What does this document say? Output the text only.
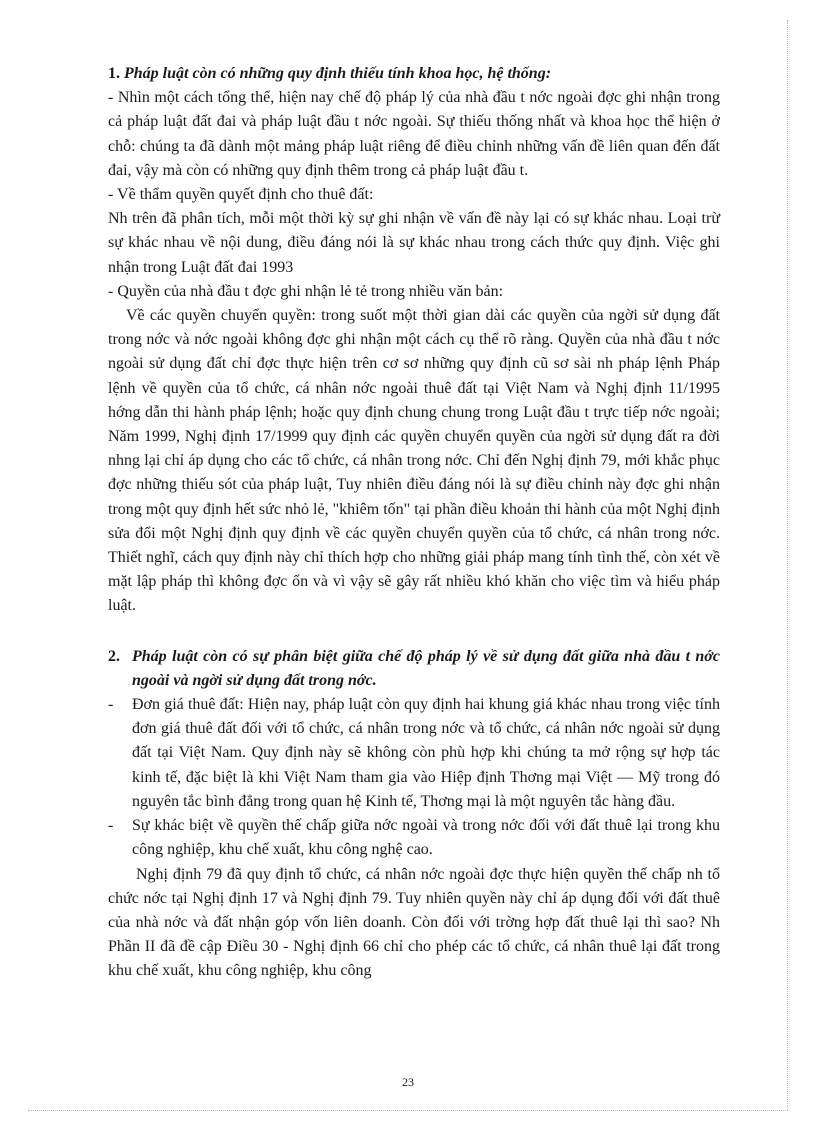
1. Pháp luật còn có những quy định thiếu tính khoa học, hệ thống:

- Nhìn một cách tổng thể, hiện nay chế độ pháp lý của nhà đầu t nớc ngoài đợc ghi nhận trong cả pháp luật đất đai và pháp luật đầu t nớc ngoài. Sự thiếu thống nhất và khoa học thể hiện ở chỗ: chúng ta đã dành một mảng pháp luật riêng để điều chỉnh những vấn đề liên quan đến đất đai, vậy mà còn có những quy định thêm trong cả pháp luật đầu t.

- Về thẩm quyền quyết định cho thuê đất:

Nh trên đã phân tích, mỗi một thời kỳ sự ghi nhận về vấn đề này lại có sự khác nhau. Loại trừ sự khác nhau về nội dung, điều đáng nói là sự khác nhau trong cách thức quy định. Việc ghi nhận trong Luật đất đai 1993

- Quyền của nhà đầu t đợc ghi nhận lẻ tẻ trong nhiều văn bản:

Về các quyền chuyển quyền: trong suốt một thời gian dài các quyền của ngời sử dụng đất trong nớc và nớc ngoài không đợc ghi nhận một cách cụ thể rõ ràng. Quyền của nhà đầu t nớc ngoài sử dụng đất chỉ đợc thực hiện trên cơ sơ những quy định cũ sơ sài nh pháp lệnh Pháp lệnh về quyền của tổ chức, cá nhân nớc ngoài thuê đất tại Việt Nam và Nghị định 11/1995 hớng dẫn thi hành pháp lệnh; hoặc quy định chung chung trong Luật đầu t trực tiếp nớc ngoài; Năm 1999, Nghị định 17/1999 quy định các quyền chuyển quyền của ngời sử dụng đất ra đời nhng lại chỉ áp dụng cho các tổ chức, cá nhân trong nớc. Chỉ đến Nghị định 79, mới khắc phục đợc những thiếu sót của pháp luật, Tuy nhiên điều đáng nói là sự điều chỉnh này đợc ghi nhận trong một quy định hết sức nhỏ lẻ, "khiêm tốn" tại phần điều khoản thi hành của một Nghị định sửa đổi một Nghị định quy định về các quyền chuyển quyền của tổ chức, cá nhân trong nớc. Thiết nghĩ, cách quy định này chỉ thích hợp cho những giải pháp mang tính tình thế, còn xét về mặt lập pháp thì không đợc ổn và vì vậy sẽ gây rất nhiều khó khăn cho việc tìm và hiểu pháp luật.

2. Pháp luật còn có sự phân biệt giữa chế độ pháp lý về sử dụng đất giữa nhà đầu t nớc ngoài và ngời sử dụng đất trong nớc.

- Đơn giá thuê đất: Hiện nay, pháp luật còn quy định hai khung giá khác nhau trong việc tính đơn giá thuê đất đối với tổ chức, cá nhân trong nớc và tổ chức, cá nhân nớc ngoài sử dụng đất tại Việt Nam. Quy định này sẽ không còn phù hợp khi chúng ta mở rộng sự hợp tác kinh tế, đặc biệt là khi Việt Nam tham gia vào Hiệp định Thơng mại Việt — Mỹ trong đó nguyên tắc bình đẳng trong quan hệ Kinh tế, Thơng mại là một nguyên tắc hàng đầu.
- Sự khác biệt về quyền thế chấp giữa nớc ngoài và trong nớc đối với đất thuê lại trong khu công nghiệp, khu chế xuất, khu công nghệ cao.

Nghị định 79 đã quy định tổ chức, cá nhân nớc ngoài đợc thực hiện quyền thế chấp nh tổ chức nớc tại Nghị định 17 và Nghị định 79. Tuy nhiên quyền này chỉ áp dụng đối với đất thuê của nhà nớc và đất nhận góp vốn liên doanh. Còn đối với trờng hợp đất thuê lại thì sao? Nh Phần II đã đề cập Điều 30 - Nghị định 66 chỉ cho phép các tổ chức, cá nhân thuê lại đất trong khu chế xuất, khu công nghiệp, khu công

23
